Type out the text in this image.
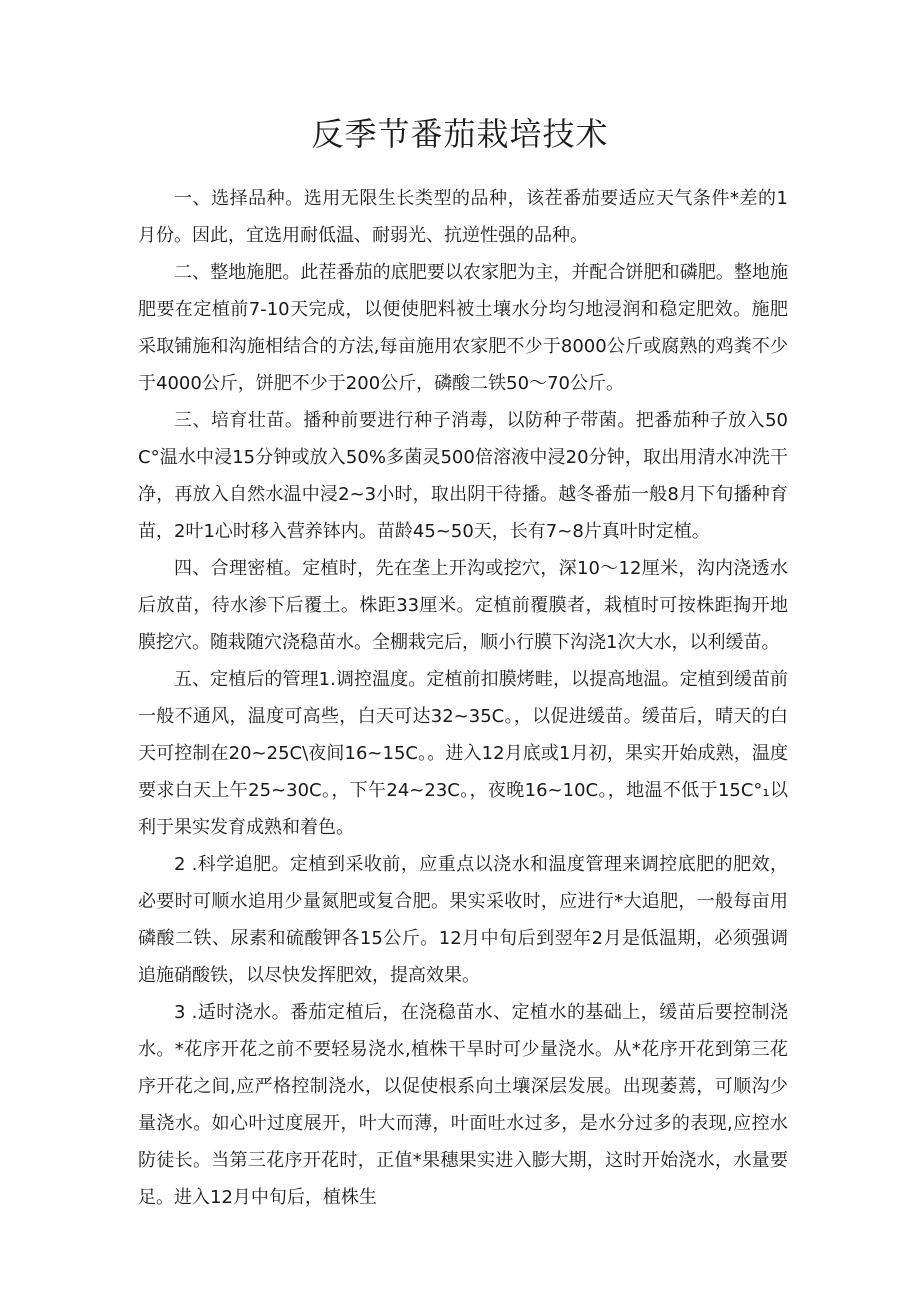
反季节番茄栽培技术

一、选择品种。选用无限生长类型的品种，该茬番茄要适应天气条件*差的1月份。因此，宜选用耐低温、耐弱光、抗逆性强的品种。

二、整地施肥。此茬番茄的底肥要以农家肥为主，并配合饼肥和磷肥。整地施肥要在定植前7-10天完成，以便使肥料被土壤水分均匀地浸润和稳定肥效。施肥采取铺施和沟施相结合的方法,每亩施用农家肥不少于8000公斤或腐熟的鸡粪不少于4000公斤，饼肥不少于200公斤，磷酸二铁50～70公斤。

三、培育壮苗。播种前要进行种子消毒，以防种子带菌。把番茄种子放入50C°温水中浸15分钟或放入50%多菌灵500倍溶液中浸20分钟，取出用清水冲洗干净，再放入自然水温中浸2~3小时，取出阴干待播。越冬番茄一般8月下旬播种育苗，2叶1心时移入营养钵内。苗龄45~50天，长有7~8片真叶时定植。

四、合理密植。定植时，先在垄上开沟或挖穴，深10～12厘米，沟内浇透水后放苗，待水渗下后覆土。株距33厘米。定植前覆膜者，栽植时可按株距掏开地膜挖穴。随栽随穴浇稳苗水。全棚栽完后，顺小行膜下沟浇1次大水，以利缓苗。

五、定植后的管理1.调控温度。定植前扣膜烤畦，以提高地温。定植到缓苗前一般不通风，温度可高些，白天可达32~35C。，以促进缓苗。缓苗后，晴天的白天可控制在20~25C\夜间16~15C。。进入12月底或1月初，果实开始成熟，温度要求白天上午25~30C。，下午24~23C。，夜晚16~10C。，地温不低于15C°₁以利于果实发育成熟和着色。

2 .科学追肥。定植到采收前，应重点以浇水和温度管理来调控底肥的肥效，必要时可顺水追用少量氮肥或复合肥。果实采收时，应进行*大追肥，一般每亩用磷酸二铁、尿素和硫酸钾各15公斤。12月中旬后到翌年2月是低温期，必须强调追施硝酸铁，以尽快发挥肥效，提高效果。

3 .适时浇水。番茄定植后，在浇稳苗水、定植水的基础上，缓苗后要控制浇水。*花序开花之前不要轻易浇水,植株干旱时可少量浇水。从*花序开花到第三花序开花之间,应严格控制浇水，以促使根系向土壤深层发展。出现萎蔫，可顺沟少量浇水。如心叶过度展开，叶大而薄，叶面吐水过多，是水分过多的表现,应控水防徒长。当第三花序开花时，正值*果穗果实进入膨大期，这时开始浇水，水量要足。进入12月中旬后，植株生
